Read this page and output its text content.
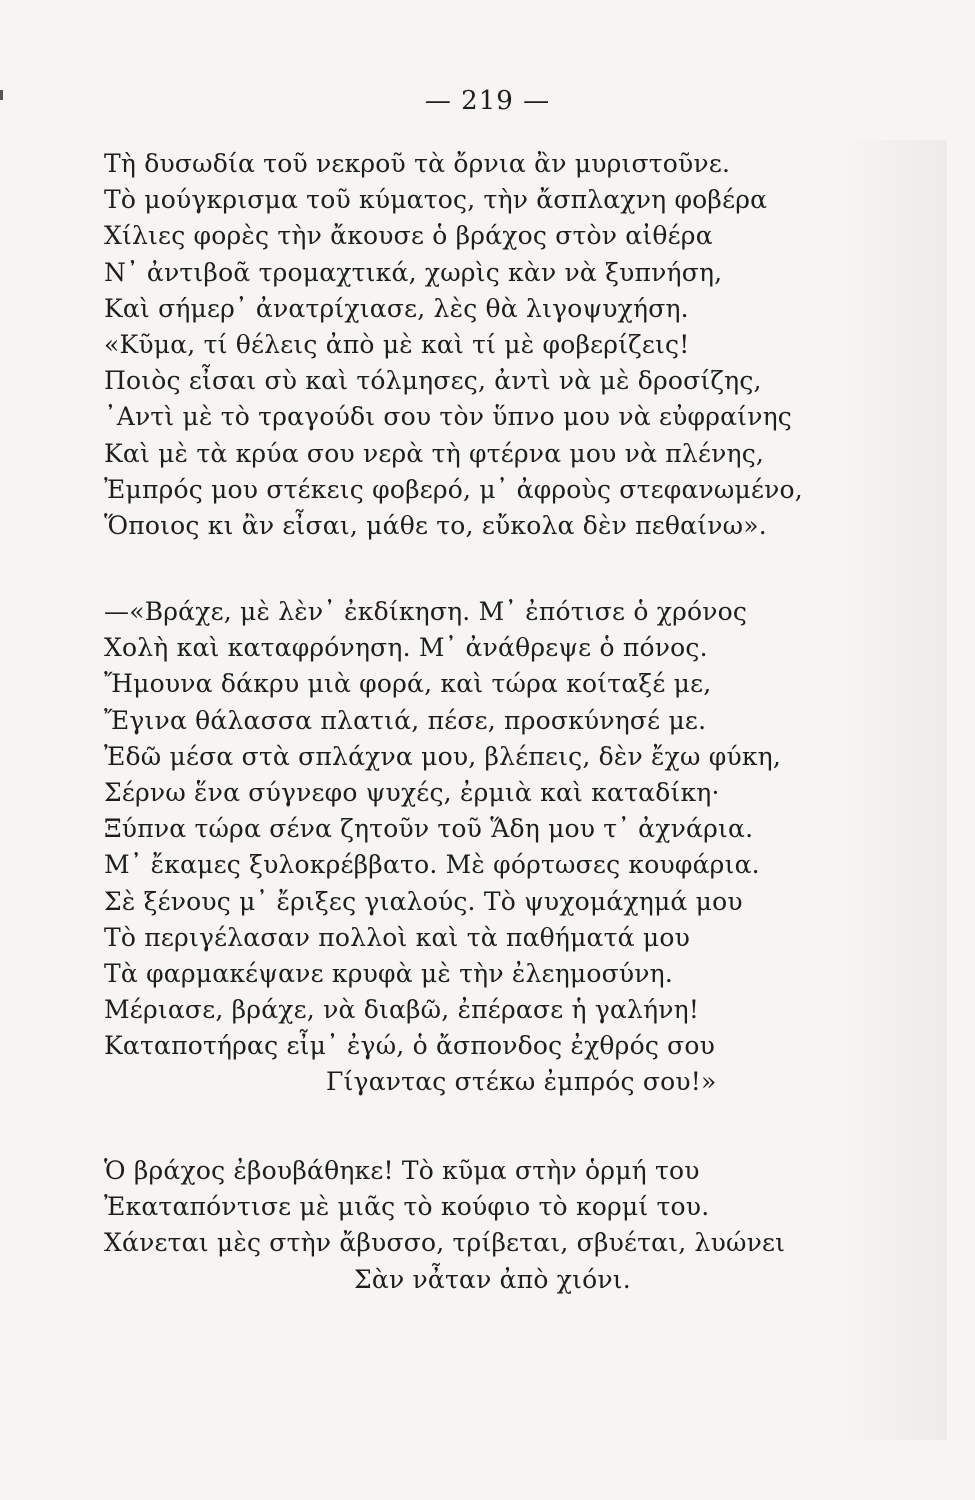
— 219 —
Τὴ δυσωδία τοῦ νεκροῦ τὰ ὄρνια ἂν μυριστοῦνε.
Τὸ μούγκρισμα τοῦ κύματος, τὴν ἄσπλαχνη φοβέρα
Χίλιες φορὲς τὴν ἄκουσε ὁ βράχος στὸν αἰθέρα
Ν᾿ ἀντιβοᾶ τρομαχτικά, χωρὶς κὰν νὰ ξυπνήση,
Καὶ σήμερ᾿ ἀνατρίχιασε, λὲς θὰ λιγοψυχήση.
«Κῦμα, τί θέλεις ἀπὸ μὲ καὶ τί μὲ φοβερίζεις!
Ποιὸς εἶσαι σὺ καὶ τόλμησες, ἀντὶ νὰ μὲ δροσίζης,
᾿Αντὶ μὲ τὸ τραγούδι σου τὸν ὕπνο μου νὰ εὐφραίνης
Καὶ μὲ τὰ κρύα σου νερὰ τὴ φτέρνα μου νὰ πλένης,
Ἐμπρός μου στέκεις φοβερό, μ᾿ ἀφροὺς στεφανωμένο,
Ὅποιος κι ἂν εἶσαι, μάθε το, εὔκολα δὲν πεθαίνω».
—«Βράχε, μὲ λὲν᾿ ἐκδίκηση. Μ᾿ ἐπότισε ὁ χρόνος
Χολὴ καὶ καταφρόνηση. Μ᾿ ἀνάθρεψε ὁ πόνος.
Ἤμουνα δάκρυ μιὰ φορά, καὶ τώρα κοίταξέ με,
Ἔγινα θάλασσα πλατιά, πέσε, προσκύνησέ με.
Ἐδῶ μέσα στὰ σπλάχνα μου, βλέπεις, δὲν ἔχω φύκη,
Σέρνω ἕνα σύγνεφο ψυχές, ἐρμιὰ καὶ καταδίκη·
Ξύπνα τώρα σένα ζητοῦν τοῦ Ἅδη μου τ᾿ ἀχνάρια.
Μ᾿ ἔκαμες ξυλοκρέββατο. Μὲ φόρτωσες κουφάρια.
Σὲ ξένους μ᾿ ἔριξες γιαλούς. Τὸ ψυχομάχημά μου
Τὸ περιγέλασαν πολλοὶ καὶ τὰ παθήματά μου
Τὰ φαρμακέψανε κρυφὰ μὲ τὴν ἐλεημοσύνη.
Μέριασε, βράχε, νὰ διαβῶ, ἐπέρασε ἡ γαλήνη!
Καταποτήρας εἶμ᾿ ἐγώ, ὁ ἄσπονδος ἐχθρός σου
Γίγαντας στέκω ἐμπρός σου!»
Ὁ βράχος ἐβουβάθηκε! Τὸ κῦμα στὴν ὁρμή του
Ἐκαταπόντισε μὲ μιᾶς τὸ κούφιο τὸ κορμί του.
Χάνεται μὲς στὴν ἄβυσσο, τρίβεται, σβυέται, λυώνει
Σὰν νἆταν ἀπὸ χιόνι.
